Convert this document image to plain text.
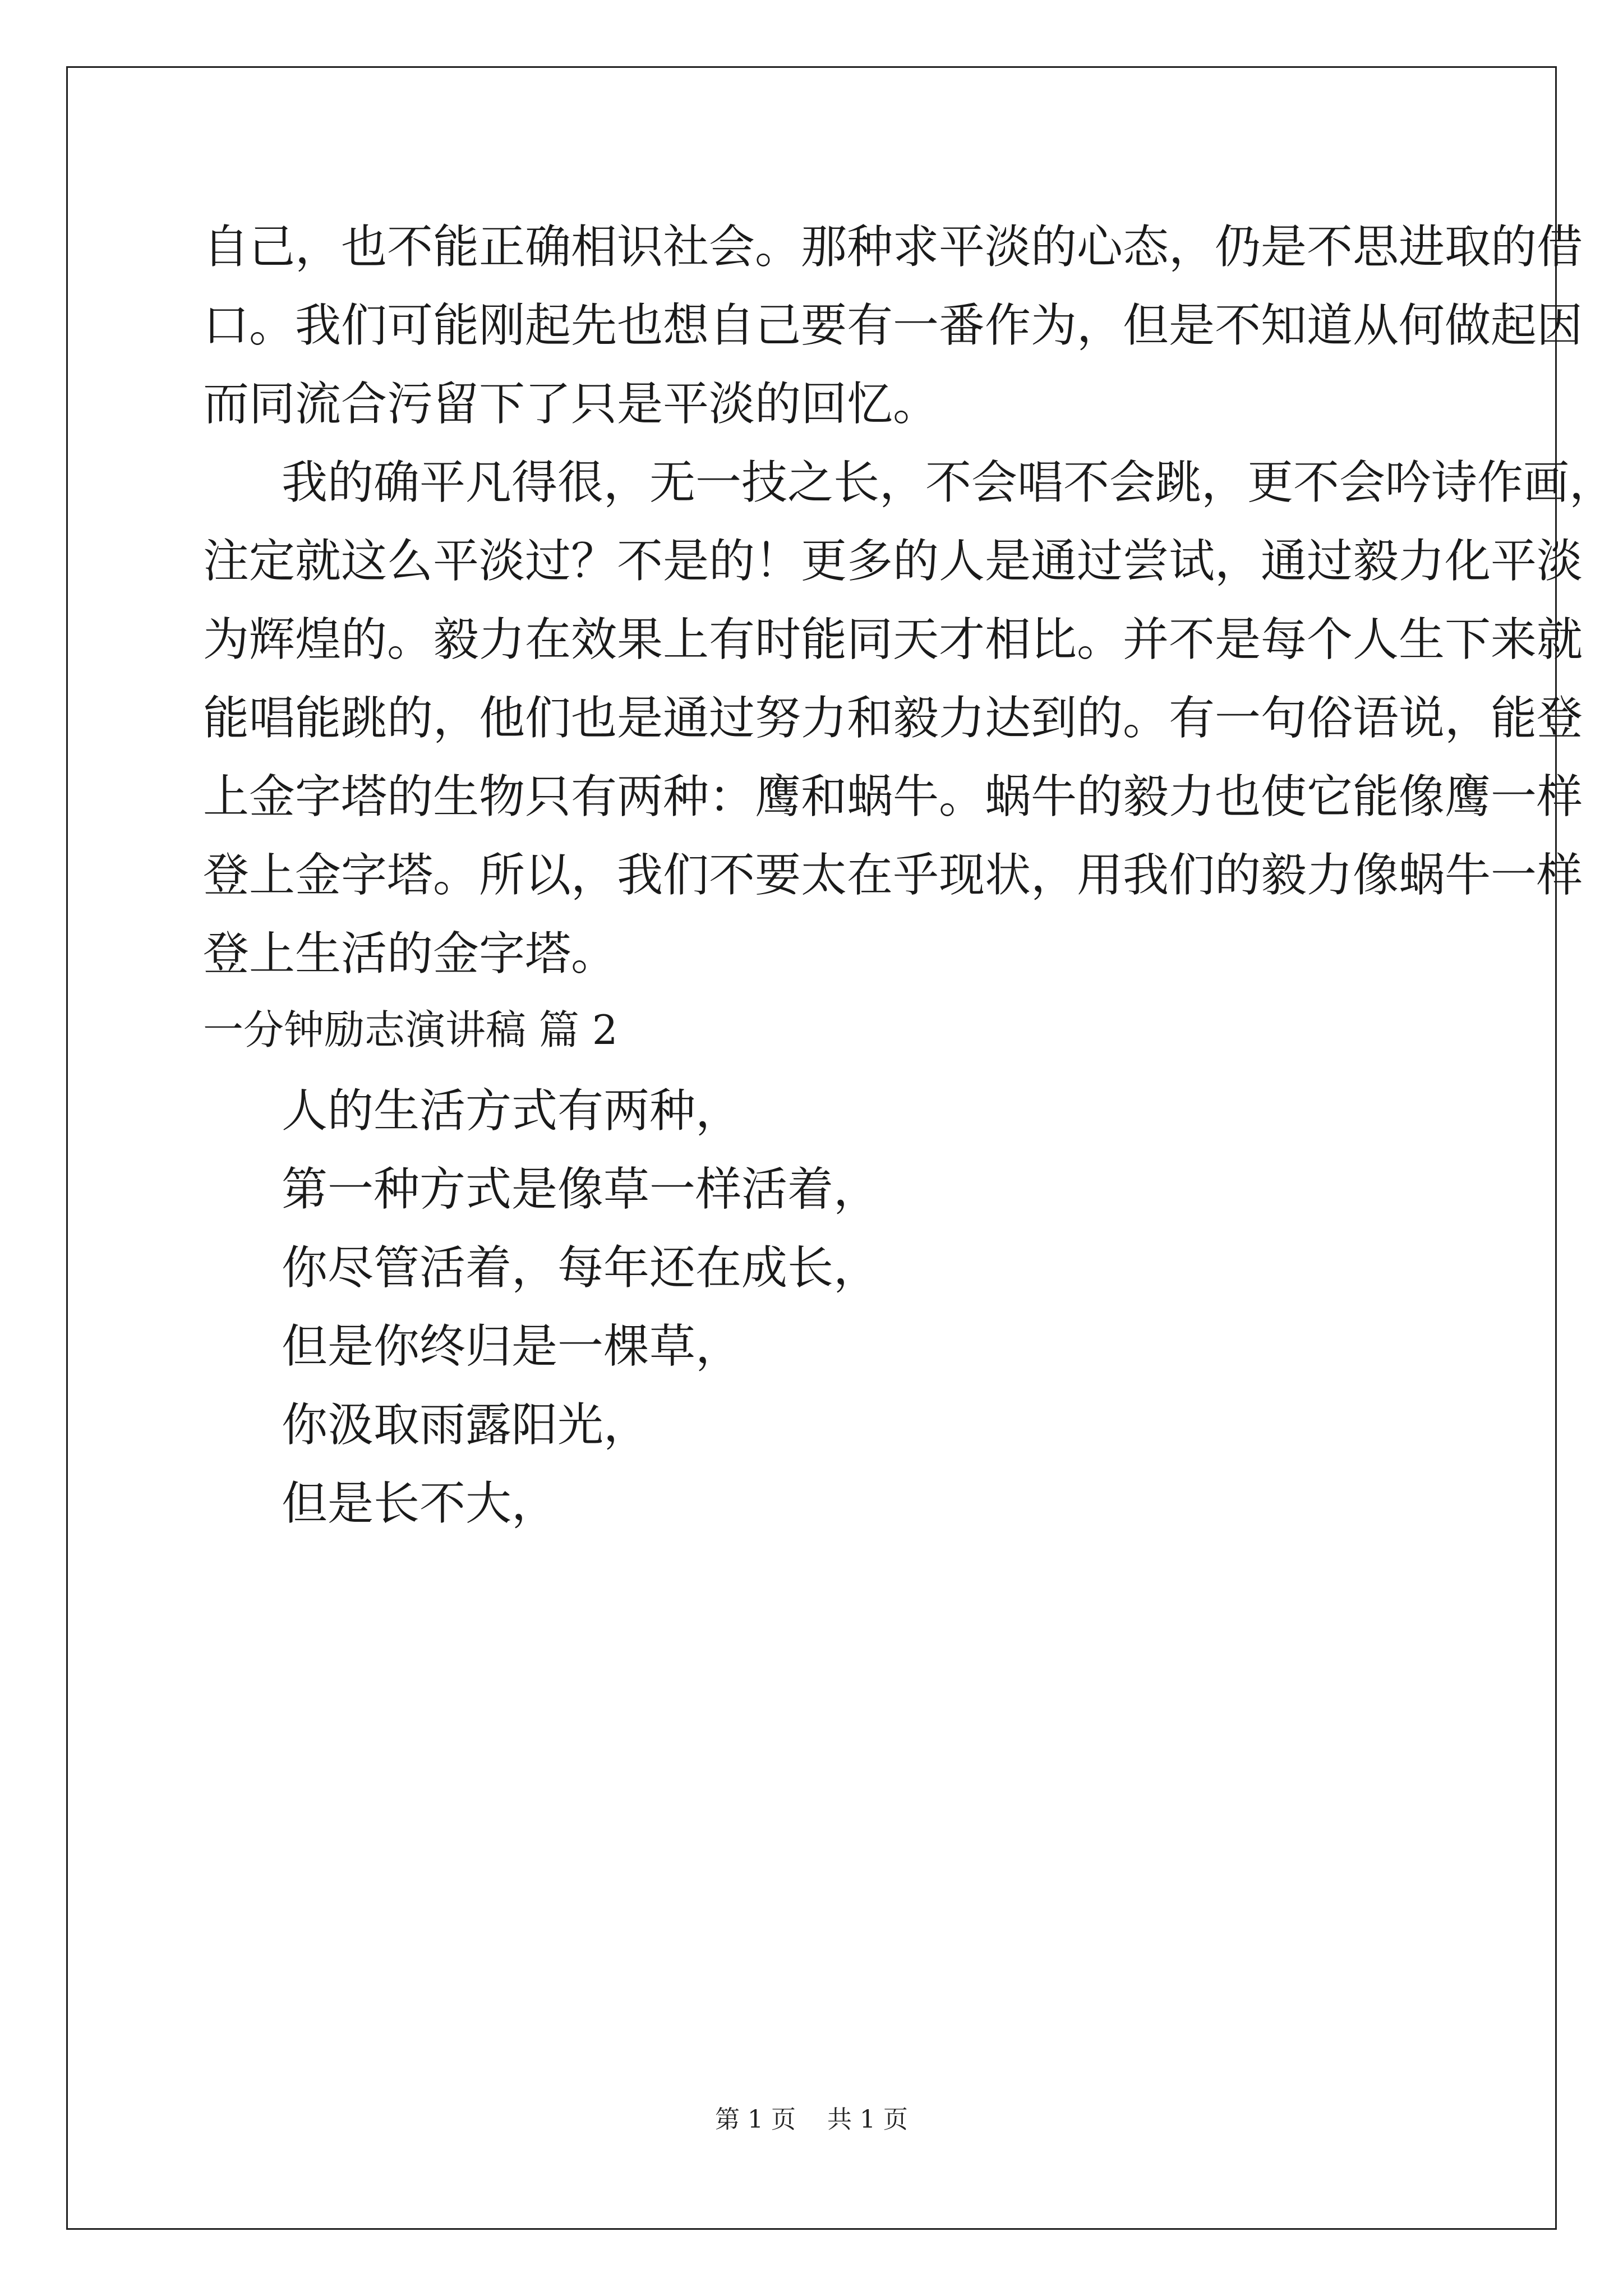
自己，也不能正确相识社会。那种求平淡的心态，仍是不思进取的借
口。我们可能刚起先也想自己要有一番作为，但是不知道从何做起因
而同流合污留下了只是平淡的回忆。
我的确平凡得很，无一技之长，不会唱不会跳，更不会吟诗作画，
注定就这么平淡过？不是的！更多的人是通过尝试，通过毅力化平淡
为辉煌的。毅力在效果上有时能同天才相比。并不是每个人生下来就
能唱能跳的，他们也是通过努力和毅力达到的。有一句俗语说，能登
上金字塔的生物只有两种：鹰和蜗牛。蜗牛的毅力也使它能像鹰一样
登上金字塔。所以，我们不要太在乎现状，用我们的毅力像蜗牛一样
登上生活的金字塔。
一分钟励志演讲稿 篇 2
人的生活方式有两种，
第一种方式是像草一样活着，
你尽管活着，每年还在成长，
但是你终归是一棵草，
你汲取雨露阳光，
但是长不大，
第 1 页    共 1 页
